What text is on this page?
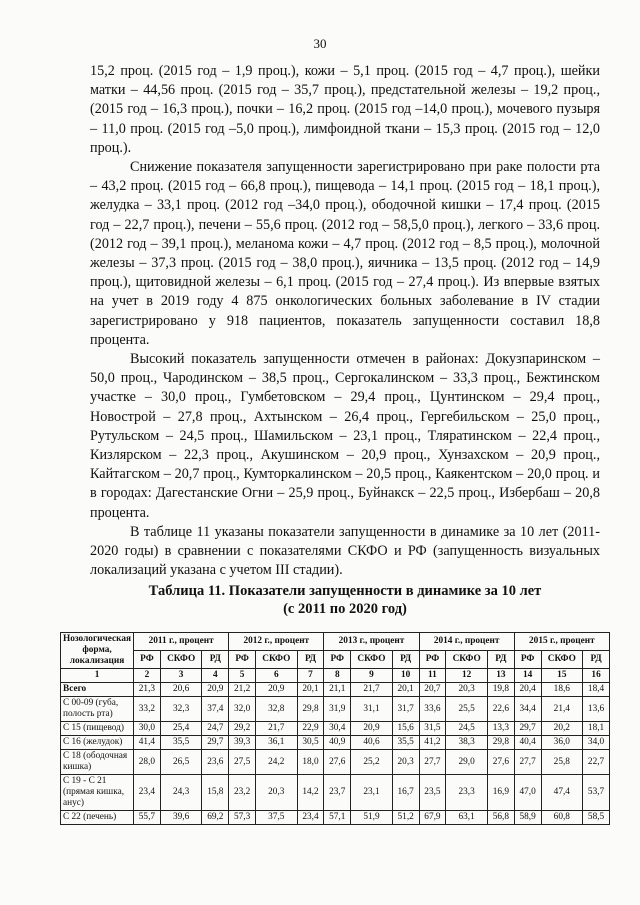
30

15,2 проц. (2015 год – 1,9 проц.), кожи – 5,1 проц. (2015 год – 4,7 проц.), шейки матки – 44,56 проц. (2015 год – 35,7 проц.), предстательной железы – 19,2 проц., (2015 год – 16,3 проц.), почки – 16,2 проц. (2015 год –14,0 проц.), мочевого пузыря – 11,0 проц. (2015 год –5,0 проц.), лимфоидной ткани – 15,3 проц. (2015 год – 12,0 проц.).

Снижение показателя запущенности зарегистрировано при раке полости рта – 43,2 проц. (2015 год – 66,8 проц.), пищевода – 14,1 проц. (2015 год – 18,1 проц.), желудка – 33,1 проц. (2012 год –34,0 проц.), ободочной кишки – 17,4 проц. (2015 год – 22,7 проц.), печени – 55,6 проц. (2012 год – 58,5,0 проц.), легкого – 33,6 проц. (2012 год – 39,1 проц.), меланома кожи – 4,7 проц. (2012 год – 8,5 проц.), молочной железы – 37,3 проц. (2015 год – 38,0 проц.), яичника – 13,5 проц. (2012 год – 14,9 проц.), щитовидной железы – 6,1 проц. (2015 год – 27,4 проц.). Из впервые взятых на учет в 2019 году 4 875 онкологических больных заболевание в IV стадии зарегистрировано у 918 пациентов, показатель запущенности составил 18,8 процента.

Высокий показатель запущенности отмечен в районах: Докузпаринском – 50,0 проц., Чародинском – 38,5 проц., Сергокалинском – 33,3 проц., Бежтинском участке – 30,0 проц., Гумбетовском – 29,4 проц., Цунтинском – 29,4 проц., Новострой – 27,8 проц., Ахтынском – 26,4 проц., Гергебильском – 25,0 проц., Рутульском – 24,5 проц., Шамильском – 23,1 проц., Тляратинском – 22,4 проц., Кизлярском – 22,3 проц., Акушинском – 20,9 проц., Хунзахском – 20,9 проц., Кайтагском – 20,7 проц., Кумторкалинском – 20,5 проц., Каякентском – 20,0 проц. и в городах: Дагестанские Огни – 25,9 проц., Буйнакск – 22,5 проц., Избербаш – 20,8 процента.

В таблице 11 указаны показатели запущенности в динамике за 10 лет (2011-2020 годы) в сравнении с показателями СКФО и РФ (запущенность визуальных локализаций указана с учетом III стадии).

Таблица 11. Показатели запущенности в динамике за 10 лет
(с 2011 по 2020 год)
Нозологическая форма, локализация	2011 г., процент			2012 г., процент			2013 г., процент			2014 г., процент			2015 г., процент		
	РФ	СКФО	РД	РФ	СКФО	РД	РФ	СКФО	РД	РФ	СКФО	РД	РФ	СКФО	РД
1	2	3	4	5	6	7	8	9	10	11	12	13	14	15	16
Всего	21,3	20,6	20,9	21,2	20,9	20,1	21,1	21,7	20,1	20,7	20,3	19,8	20,4	18,6	18,4
С 00-09 (губа, полость рта)	33,2	32,3	37,4	32,0	32,8	29,8	31,9	31,1	31,7	33,6	25,5	22,6	34,4	21,4	13,6
С 15 (пищевод)	30,0	25,4	24,7	29,2	21,7	22,9	30,4	20,9	15,6	31,5	24,5	13,3	29,7	20,2	18,1
С 16 (желудок)	41,4	35,5	29,7	39,3	36,1	30,5	40,9	40,6	35,5	41,2	38,3	29,8	40,4	36,0	34,0
С 18 (ободочная кишка)	28,0	26,5	23,6	27,5	24,2	18,0	27,6	25,2	20,3	27,7	29,0	27,6	27,7	25,8	22,7
С 19 - С 21 (прямая кишка, анус)	23,4	24,3	15,8	23,2	20,3	14,2	23,7	23,1	16,7	23,5	23,3	16,9	47,0	47,4	53,7
С 22 (печень)	55,7	39,6	69,2	57,3	37,5	23,4	57,1	51,9	51,2	67,9	63,1	56,8	58,9	60,8	58,5
